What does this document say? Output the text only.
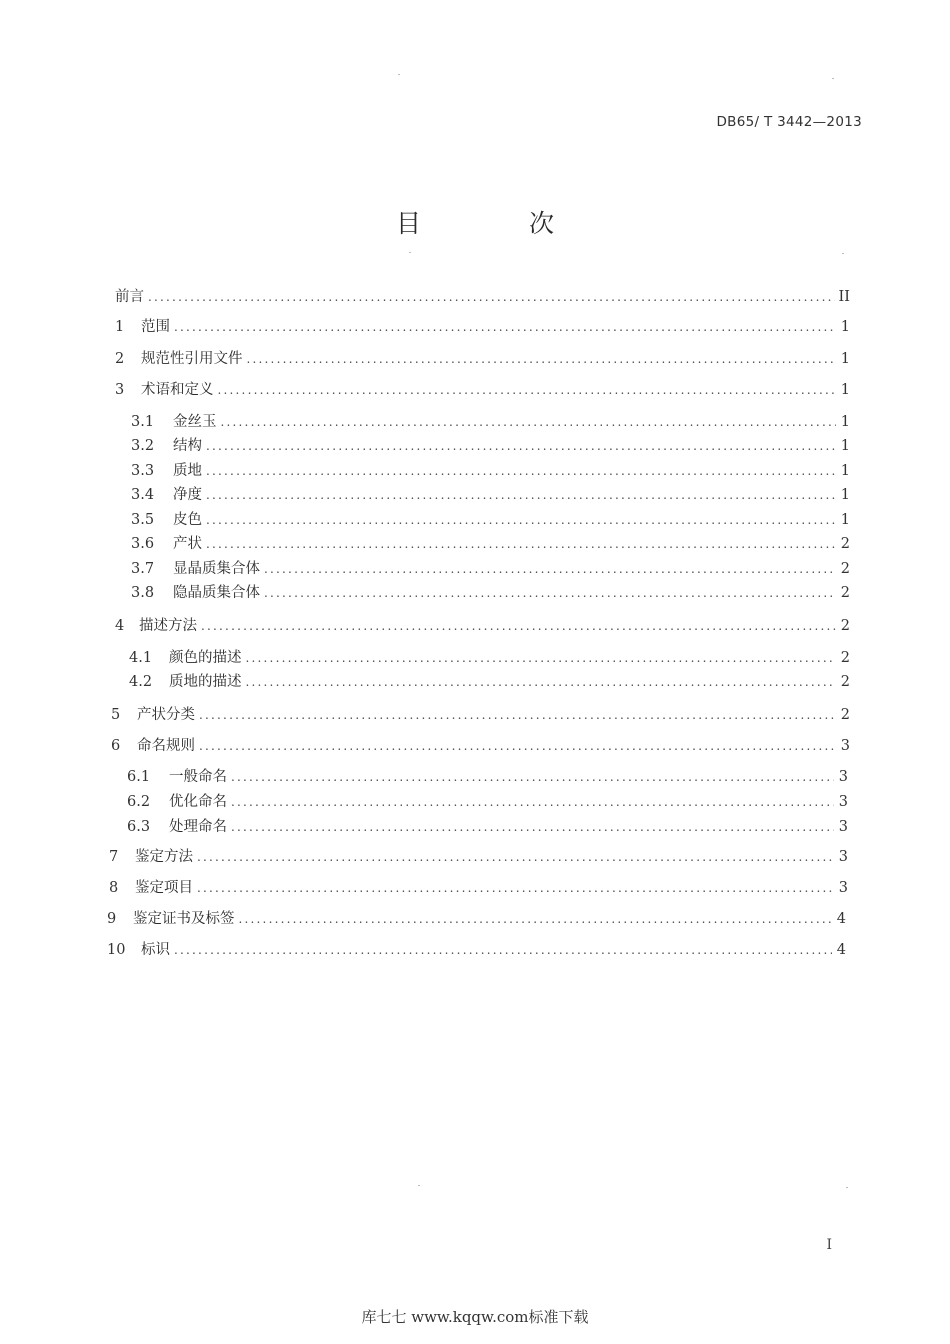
DB65/ T 3442—2013
目 次
前言 .....	II
1	范围 .....	1
2	规范性引用文件 .....	1
3	术语和定义 .....	1
3.1	金丝玉 .....	1
3.2	结构 .....	1
3.3	质地 .....	1
3.4	净度 .....	1
3.5	皮色 .....	1
3.6	产状 .....	2
3.7	显晶质集合体 .....	2
3.8	隐晶质集合体 .....	2
4	描述方法 .....	2
4.1	颜色的描述 .....	2
4.2	质地的描述 .....	2
5	产状分类 .....	2
6	命名规则 .....	3
6.1	一般命名 .....	3
6.2	优化命名 .....	3
6.3	处理命名 .....	3
7	鉴定方法 .....	3
8	鉴定项目 .....	3
9	鉴定证书及标签 .....	4
10	标识 .....	4
I
库七七 www.kqqw.com标准下载
